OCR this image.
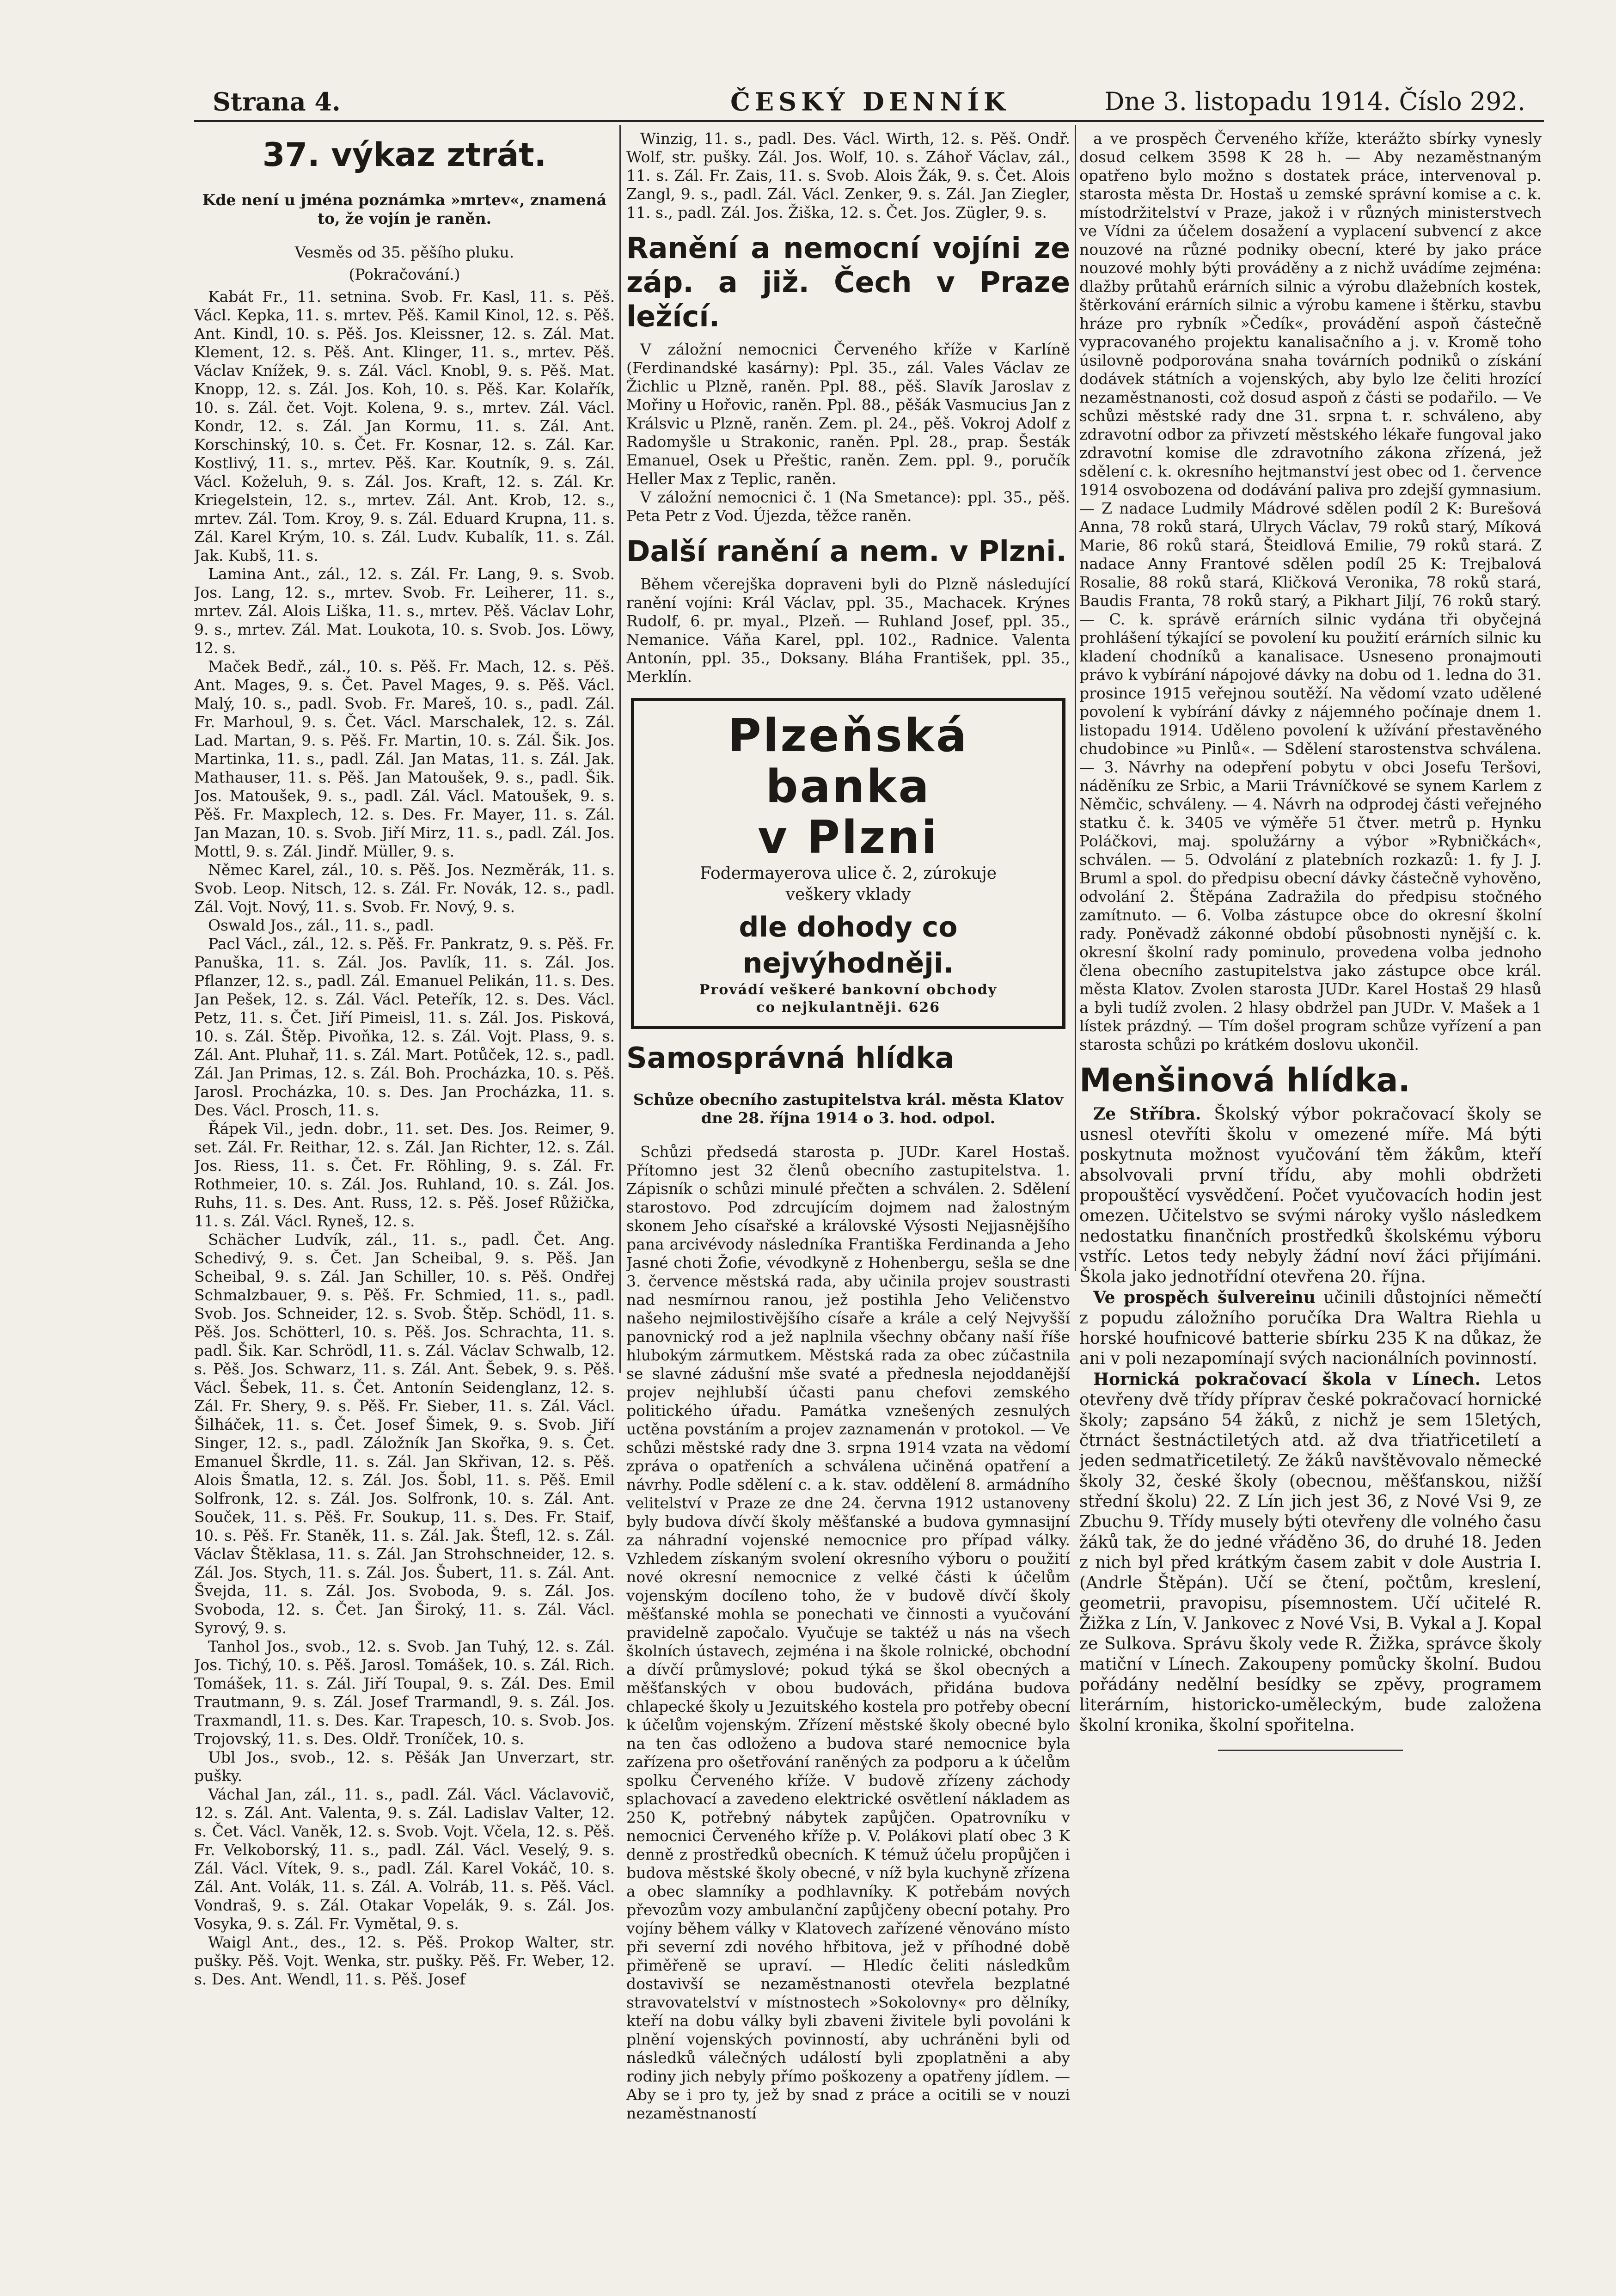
Strana 4.	ČESKÝ DENNÍK	Dne 3. listopadu 1914. Číslo 292.
37. výkaz ztrát.

Kde není u jména poznámka »mrtev«, znamená to, že vojín je raněn.

Vesměs od 35. pěšího pluku.

(Pokračování.)

Kabát Fr., 11. setnina. Svob. Fr. Kasl, 11. s. Pěš. Václ. Kepka, 11. s. mrtev. Pěš. Kamil Kinol, 12. s. Pěš. Ant. Kindl, 10. s. Pěš. Jos. Kleissner, 12. s. Zál. Mat. Klement, 12. s. Pěš. Ant. Klinger, 11. s., mrtev. Pěš. Václav Knížek, 9. s. Zál. Václ. Knobl, 9. s. Pěš. Mat. Knopp, 12. s. Zál. Jos. Koh, 10. s. Pěš. Kar. Kolařík, 10. s. Zál. čet. Vojt. Kolena, 9. s., mrtev. Zál. Václ. Kondr, 12. s. Zál. Jan Kormu, 11. s. Zál. Ant. Korschinský, 10. s. Čet. Fr. Kosnar, 12. s. Zál. Kar. Kostlivý, 11. s., mrtev. Pěš. Kar. Koutník, 9. s. Zál. Václ. Koželuh, 9. s. Zál. Jos. Kraft, 12. s. Zál. Kr. Kriegelstein, 12. s., mrtev. Zál. Ant. Krob, 12. s., mrtev. Zál. Tom. Kroy, 9. s. Zál. Eduard Krupna, 11. s. Zál. Karel Krým, 10. s. Zál. Ludv. Kubalík, 11. s. Zál. Jak. Kubš, 11. s.

Lamina Ant., zál., 12. s. Zál. Fr. Lang, 9. s. Svob. Jos. Lang, 12. s., mrtev. Svob. Fr. Leiherer, 11. s., mrtev. Zál. Alois Liška, 11. s., mrtev. Pěš. Václav Lohr, 9. s., mrtev. Zál. Mat. Loukota, 10. s. Svob. Jos. Löwy, 12. s.

Maček Bedř., zál., 10. s. Pěš. Fr. Mach, 12. s. Pěš. Ant. Mages, 9. s. Čet. Pavel Mages, 9. s. Pěš. Václ. Malý, 10. s., padl. Svob. Fr. Mareš, 10. s., padl. Zál. Fr. Marhoul, 9. s. Čet. Václ. Marschalek, 12. s. Zál. Lad. Martan, 9. s. Pěš. Fr. Martin, 10. s. Zál. Šik. Jos. Martinka, 11. s., padl. Zál. Jan Matas, 11. s. Zál. Jak. Mathauser, 11. s. Pěš. Jan Matoušek, 9. s., padl. Šik. Jos. Matoušek, 9. s., padl. Zál. Václ. Matoušek, 9. s. Pěš. Fr. Maxplech, 12. s. Des. Fr. Mayer, 11. s. Zál. Jan Mazan, 10. s. Svob. Jiří Mirz, 11. s., padl. Zál. Jos. Mottl, 9. s. Zál. Jindř. Müller, 9. s.

Němec Karel, zál., 10. s. Pěš. Jos. Nezměrák, 11. s. Svob. Leop. Nitsch, 12. s. Zál. Fr. Novák, 12. s., padl. Zál. Vojt. Nový, 11. s. Svob. Fr. Nový, 9. s.

Oswald Jos., zál., 11. s., padl.

Pacl Václ., zál., 12. s. Pěš. Fr. Pankratz, 9. s. Pěš. Fr. Panuška, 11. s. Zál. Jos. Pavlík, 11. s. Zál. Jos. Pflanzer, 12. s., padl. Zál. Emanuel Pelikán, 11. s. Des. Jan Pešek, 12. s. Zál. Václ. Peteřík, 12. s. Des. Václ. Petz, 11. s. Čet. Jiří Pimeisl, 11. s. Zál. Jos. Pisková, 10. s. Zál. Štěp. Pivoňka, 12. s. Zál. Vojt. Plass, 9. s. Zál. Ant. Pluhař, 11. s. Zál. Mart. Potůček, 12. s., padl. Zál. Jan Primas, 12. s. Zál. Boh. Procházka, 10. s. Pěš. Jarosl. Procházka, 10. s. Des. Jan Procházka, 11. s. Des. Václ. Prosch, 11. s.

Řápek Vil., jedn. dobr., 11. set. Des. Jos. Reimer, 9. set. Zál. Fr. Reithar, 12. s. Zál. Jan Richter, 12. s. Zál. Jos. Riess, 11. s. Čet. Fr. Röhling, 9. s. Zál. Fr. Rothmeier, 10. s. Zál. Jos. Ruhland, 10. s. Zál. Jos. Ruhs, 11. s. Des. Ant. Russ, 12. s. Pěš. Josef Růžička, 11. s. Zál. Václ. Ryneš, 12. s.

Schächer Ludvík, zál., 11. s., padl. Čet. Ang. Schedivý, 9. s. Čet. Jan Scheibal, 9. s. Pěš. Jan Scheibal, 9. s. Zál. Jan Schiller, 10. s. Pěš. Ondřej Schmalzbauer, 9. s. Pěš. Fr. Schmied, 11. s., padl. Svob. Jos. Schneider, 12. s. Svob. Štěp. Schödl, 11. s. Pěš. Jos. Schötterl, 10. s. Pěš. Jos. Schrachta, 11. s. padl. Šik. Kar. Schrödl, 11. s. Zál. Václav Schwalb, 12. s. Pěš. Jos. Schwarz, 11. s. Zál. Ant. Šebek, 9. s. Pěš. Václ. Šebek, 11. s. Čet. Antonín Seidenglanz, 12. s. Zál. Fr. Shery, 9. s. Pěš. Fr. Sieber, 11. s. Zál. Václ. Šilháček, 11. s. Čet. Josef Šimek, 9. s. Svob. Jiří Singer, 12. s., padl. Záložník Jan Skořka, 9. s. Čet. Emanuel Škrdle, 11. s. Zál. Jan Skřivan, 12. s. Pěš. Alois Šmatla, 12. s. Zál. Jos. Šobl, 11. s. Pěš. Emil Solfronk, 12. s. Zál. Jos. Solfronk, 10. s. Zál. Ant. Souček, 11. s. Pěš. Fr. Soukup, 11. s. Des. Fr. Staif, 10. s. Pěš. Fr. Staněk, 11. s. Zál. Jak. Štefl, 12. s. Zál. Václav Štěklasa, 11. s. Zál. Jan Strohschneider, 12. s. Zál. Jos. Stych, 11. s. Zál. Jos. Šubert, 11. s. Zál. Ant. Švejda, 11. s. Zál. Jos. Svoboda, 9. s. Zál. Jos. Svoboda, 12. s. Čet. Jan Široký, 11. s. Zál. Václ. Syrový, 9. s.

Tanhol Jos., svob., 12. s. Svob. Jan Tuhý, 12. s. Zál. Jos. Tichý, 10. s. Pěš. Jarosl. Tomášek, 10. s. Zál. Rich. Tomášek, 11. s. Zál. Jiří Toupal, 9. s. Zál. Des. Emil Trautmann, 9. s. Zál. Josef Trarmandl, 9. s. Zál. Jos. Traxmandl, 11. s. Des. Kar. Trapesch, 10. s. Svob. Jos. Trojovský, 11. s. Des. Oldř. Troníček, 10. s.

Ubl Jos., svob., 12. s. Pěšák Jan Unverzart, str. pušky.

Váchal Jan, zál., 11. s., padl. Zál. Václ. Václavovič, 12. s. Zál. Ant. Valenta, 9. s. Zál. Ladislav Valter, 12. s. Čet. Václ. Vaněk, 12. s. Svob. Vojt. Včela, 12. s. Pěš. Fr. Velkoborský, 11. s., padl. Zál. Václ. Veselý, 9. s. Zál. Václ. Vítek, 9. s., padl. Zál. Karel Vokáč, 10. s. Zál. Ant. Volák, 11. s. Zál. A. Volráb, 11. s. Pěš. Václ. Vondraš, 9. s. Zál. Otakar Vopelák, 9. s. Zál. Jos. Vosyka, 9. s. Zál. Fr. Vymětal, 9. s.

Waigl Ant., des., 12. s. Pěš. Prokop Walter, str. pušky. Pěš. Vojt. Wenka, str. pušky. Pěš. Fr. Weber, 12. s. Des. Ant. Wendl, 11. s. Pěš. Josef

Winzig, 11. s., padl. Des. Václ. Wirth, 12. s. Pěš. Ondř. Wolf, str. pušky. Zál. Jos. Wolf, 10. s. Záhoř Václav, zál., 11. s. Zál. Fr. Zais, 11. s. Svob. Alois Žák, 9. s. Čet. Alois Zangl, 9. s., padl. Zál. Václ. Zenker, 9. s. Zál. Jan Ziegler, 11. s., padl. Zál. Jos. Žiška, 12. s. Čet. Jos. Zügler, 9. s.

Ranění a nemocní vojíni ze záp. a již. Čech v Praze ležící.

V záložní nemocnici Červeného kříže v Karlíně (Ferdinandské kasárny): Ppl. 35., zál. Vales Václav ze Žichlic u Plzně, raněn. Ppl. 88., pěš. Slavík Jaroslav z Mořiny u Hořovic, raněn. Ppl. 88., pěšák Vasmucius Jan z Králsvic u Plzně, raněn. Zem. pl. 24., pěš. Vokroj Adolf z Radomyšle u Strakonic, raněn. Ppl. 28., prap. Šesták Emanuel, Osek u Přeštic, raněn. Zem. ppl. 9., poručík Heller Max z Teplic, raněn.

V záložní nemocnici č. 1 (Na Smetance): ppl. 35., pěš. Peta Petr z Vod. Újezda, těžce raněn.

Další ranění a nem. v Plzni.

Během včerejška dopraveni byli do Plzně následující ranění vojíni: Král Václav, ppl. 35., Machacek. Krýnes Rudolf, 6. pr. myal., Plzeň. — Ruhland Josef, ppl. 35., Nemanice. Váňa Karel, ppl. 102., Radnice. Valenta Antonín, ppl. 35., Doksany. Bláha František, ppl. 35., Merklín.

Plzeňská banka
v Plzni
Fodermayerova ulice č. 2, zúrokuje
veškery vklady
dle dohody co nejvýhodněji.
Provádí veškeré bankovní obchody
co nejkulantněji. 626
Samosprávná hlídka

Schůze obecního zastupitelstva král. města Klatov dne 28. října 1914 o 3. hod. odpol.

Schůzi předsedá starosta p. JUDr. Karel Hostaš. Přítomno jest 32 členů obecního zastupitelstva. 1. Zápisník o schůzi minulé přečten a schválen. 2. Sdělení starostovo. Pod zdrcujícím dojmem nad žalostným skonem Jeho císařské a královské Výsosti Nejjasnějšího pana arcivévody následníka Františka Ferdinanda a Jeho Jasné choti Žofie, vévodkyně z Hohenbergu, sešla se dne 3. července městská rada, aby učinila projev soustrasti nad nesmírnou ranou, jež postihla Jeho Veličenstvo našeho nejmilostivějšího císaře a krále a celý Nejvyšší panovnický rod a jež naplnila všechny občany naší říše hlubokým zármutkem. Městská rada za obec zúčastnila se slavné zádušní mše svaté a přednesla nejoddanější projev nejhlubší účasti panu chefovi zemského politického úřadu. Památka vznešených zesnulých uctěna povstáním a projev zaznamenán v protokol. — Ve schůzi městské rady dne 3. srpna 1914 vzata na vědomí zpráva o opatřeních a schválena učiněná opatření a návrhy. Podle sdělení c. a k. stav. oddělení 8. armádního velitelství v Praze ze dne 24. června 1912 ustanoveny byly budova dívčí školy měšťanské a budova gymnasijní za náhradní vojenské nemocnice pro případ války. Vzhledem získaným svolení okresního výboru o použití nové okresní nemocnice z velké části k účelům vojenským docíleno toho, že v budově dívčí školy měšťanské mohla se ponechati ve činnosti a vyučování pravidelně započalo. Vyučuje se taktéž u nás na všech školních ústavech, zejména i na škole rolnické, obchodní a dívčí průmyslové; pokud týká se škol obecných a měšťanských v obou budovách, přidána budova chlapecké školy u Jezuitského kostela pro potřeby obecní k účelům vojenským. Zřízení městské školy obecné bylo na ten čas odloženo a budova staré nemocnice byla zařízena pro ošetřování raněných za podporu a k účelům spolku Červeného kříže. V budově zřízeny záchody splachovací a zavedeno elektrické osvětlení nákladem as 250 K, potřebný nábytek zapůjčen. Opatrovníku v nemocnici Červeného kříže p. V. Polákovi platí obec 3 K denně z prostředků obecních. K témuž účelu propůjčen i budova městské školy obecné, v níž byla kuchyně zřízena a obec slamníky a podhlavníky. K potřebám nových převozům vozy ambulanční zapůjčeny obecní potahy. Pro vojíny během války v Klatovech zařízené věnováno místo při severní zdi nového hřbitova, jež v příhodné době přiměřeně se upraví. — Hledíc čeliti následkům dostavivší se nezaměstnanosti otevřela bezplatné stravovatelství v místnostech »Sokolovny« pro dělníky, kteří na dobu války byli zbaveni živitele byli povoláni k plnění vojenských povinností, aby uchráněni byli od následků válečných událostí byli zpoplatněni a aby rodiny jich nebyly přímo poškozeny a opatřeny jídlem. — Aby se i pro ty, jež by snad z práce a ocitili se v nouzi nezaměstnaností

a ve prospěch Červeného kříže, kterážto sbírky vynesly dosud celkem 3598 K 28 h. — Aby nezaměstnaným opatřeno bylo možno s dostatek práce, intervenoval p. starosta města Dr. Hostaš u zemské správní komise a c. k. místodržitelství v Praze, jakož i v různých ministerstvech ve Vídni za účelem dosažení a vyplacení subvencí z akce nouzové na různé podniky obecní, které by jako práce nouzové mohly býti prováděny a z nichž uvádíme zejména: dlažby průtahů erárních silnic a výrobu dlažebních kostek, štěrkování erárních silnic a výrobu kamene i štěrku, stavbu hráze pro rybník »Čedík«, provádění aspoň částečně vypracovaného projektu kanalisačního a j. v. Kromě toho úsilovně podporována snaha továrních podniků o získání dodávek státních a vojenských, aby bylo lze čeliti hrozící nezaměstnanosti, což dosud aspoň z části se podařilo. — Ve schůzi městské rady dne 31. srpna t. r. schváleno, aby zdravotní odbor za přivzetí městského lékaře fungoval jako zdravotní komise dle zdravotního zákona zřízená, jež sdělení c. k. okresního hejtmanství jest obec od 1. července 1914 osvobozena od dodávání paliva pro zdejší gymnasium. — Z nadace Ludmily Mádrové sdělen podíl 2 K: Burešová Anna, 78 roků stará, Ulrych Václav, 79 roků starý, Míková Marie, 86 roků stará, Šteidlová Emilie, 79 roků stará. Z nadace Anny Frantové sdělen podíl 25 K: Trejbalová Rosalie, 88 roků stará, Kličková Veronika, 78 roků stará, Baudis Franta, 78 roků starý, a Pikhart Jiljí, 76 roků starý. — C. k. správě erárních silnic vydána tři obyčejná prohlášení týkající se povolení ku použití erárních silnic ku kladení chodníků a kanalisace. Usneseno pronajmouti právo k vybírání nápojové dávky na dobu od 1. ledna do 31. prosince 1915 veřejnou soutěží. Na vědomí vzato udělené povolení k vybírání dávky z nájemného počínaje dnem 1. listopadu 1914. Uděleno povolení k užívání přestavěného chudobince »u Pinlů«. — Sdělení starostenstva schválena. — 3. Návrhy na odepření pobytu v obci Josefu Teršovi, náděníku ze Srbic, a Marii Trávníčkové se synem Karlem z Němčic, schváleny. — 4. Návrh na odprodej části veřejného statku č. k. 3405 ve výměře 51 čtver. metrů p. Hynku Poláčkovi, maj. spolužárny a výbor »Rybničkách«, schválen. — 5. Odvolání z platebních rozkazů: 1. fy J. J. Bruml a spol. do předpisu obecní dávky částečně vyhověno, odvolání 2. Štěpána Zadražila do předpisu stočného zamítnuto. — 6. Volba zástupce obce do okresní školní rady. Poněvadž zákonné období působnosti nynější c. k. okresní školní rady pominulo, provedena volba jednoho člena obecního zastupitelstva jako zástupce obce král. města Klatov. Zvolen starosta JUDr. Karel Hostaš 29 hlasů a byli tudíž zvolen. 2 hlasy obdržel pan JUDr. V. Mašek a 1 lístek prázdný. — Tím došel program schůze vyřízení a pan starosta schůzi po krátkém doslovu ukončil.

Menšinová hlídka.

Ze Stříbra. Školský výbor pokračovací školy se usnesl otevříti školu v omezené míře. Má býti poskytnuta možnost vyučování těm žákům, kteří absolvovali první třídu, aby mohli obdržeti propouštěcí vysvědčení. Počet vyučovacích hodin jest omezen. Učitelstvo se svými nároky vyšlo následkem nedostatku finančních prostředků školskému výboru vstříc. Letos tedy nebyly žádní noví žáci přijímáni. Škola jako jednotřídní otevřena 20. října.

Ve prospěch šulvereinu učinili důstojníci němečtí z popudu záložního poručíka Dra Waltra Riehla u horské houfnicové batterie sbírku 235 K na důkaz, že ani v poli nezapomínají svých nacionálních povinností.

Hornická pokračovací škola v Línech. Letos otevřeny dvě třídy příprav české pokračovací hornické školy; zapsáno 54 žáků, z nichž je sem 15letých, čtrnáct šestnáctiletých atd. až dva třiatřicetiletí a jeden sedmatřicetiletý. Ze žáků navštěvovalo německé školy 32, české školy (obecnou, měšťanskou, nižší střední školu) 22. Z Lín jich jest 36, z Nové Vsi 9, ze Zbuchu 9. Třídy musely býti otevřeny dle volného času žáků tak, že do jedné vřáděno 36, do druhé 18. Jeden z nich byl před krátkým časem zabit v dole Austria I. (Andrle Štěpán). Učí se čtení, počtům, kreslení, geometrii, pravopisu, písemnostem. Učí učitelé R. Žižka z Lín, V. Jankovec z Nové Vsi, B. Vykal a J. Kopal ze Sulkova. Správu školy vede R. Žižka, správce školy matiční v Línech. Zakoupeny pomůcky školní. Budou pořádány nedělní besídky se zpěvy, programem literárním, historicko-uměleckým, bude založena školní kronika, školní spořitelna.
